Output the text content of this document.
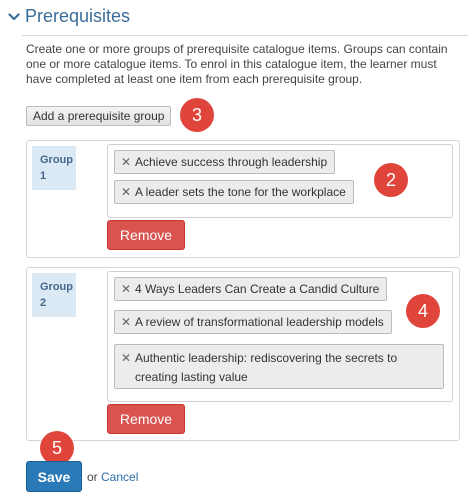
Prerequisites
Create one or more groups of prerequisite catalogue items. Groups can contain one or more catalogue items. To enrol in this catalogue item, the learner must have completed at least one item from each prerequisite group.
Add a prerequisite group	3
Group
1
✕ Achieve success through leadership
✕ A leader sets the tone for the workplace
Remove
2
Group
2
✕ 4 Ways Leaders Can Create a Candid Culture
✕ A review of transformational leadership models
✕ Authentic leadership: rediscovering the secrets to
creating lasting value
Remove
4
5
Save	or Cancel
